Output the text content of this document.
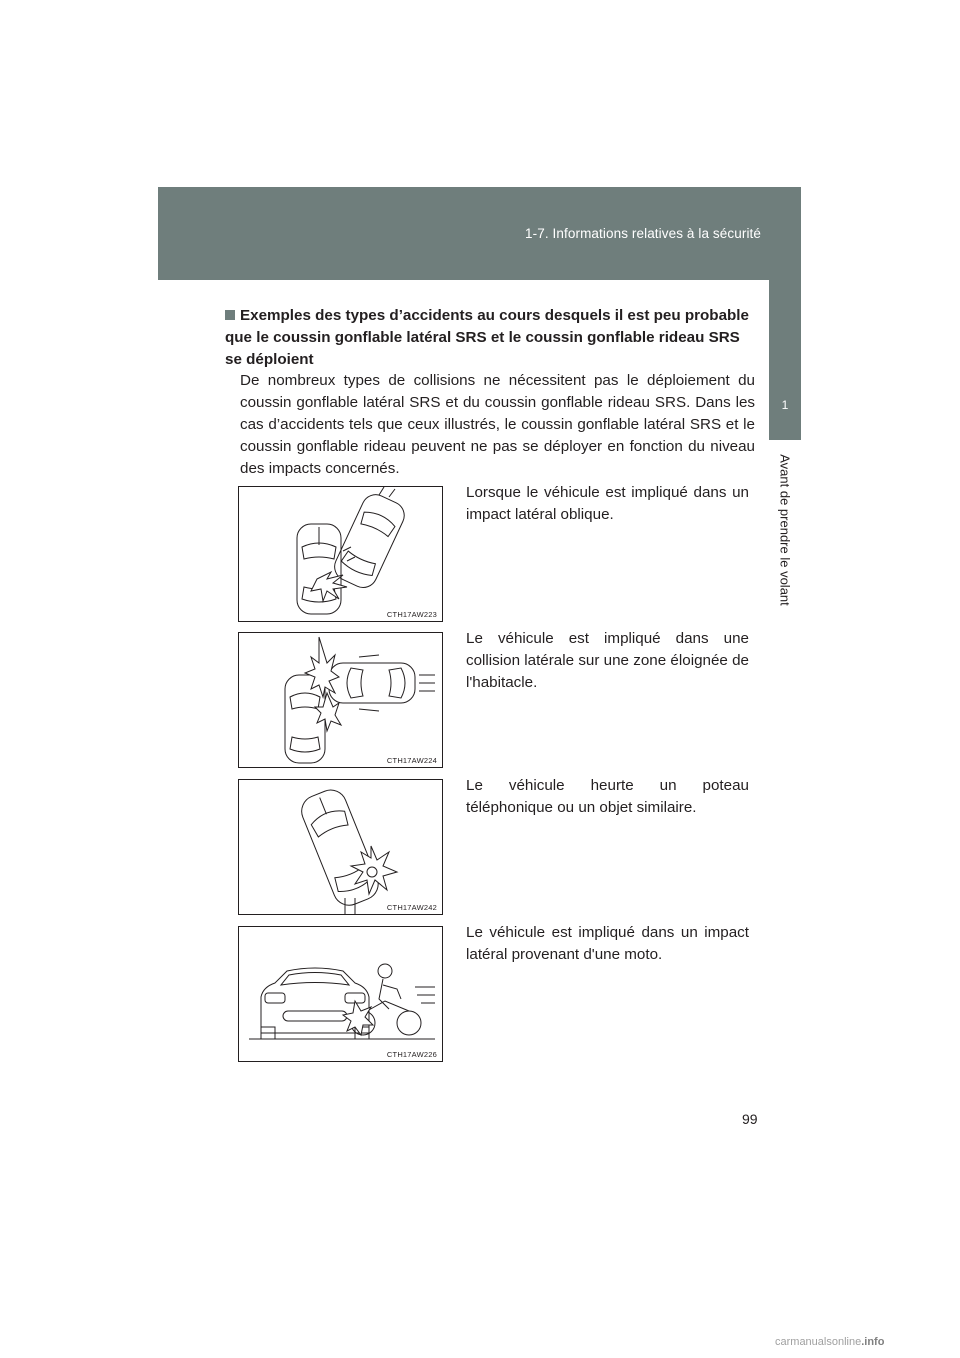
1-7. Informations relatives à la sécurité
1
Avant de prendre le volant
Exemples des types d’accidents au cours desquels il est peu probable que le coussin gonflable latéral SRS et le coussin gonflable rideau SRS se déploient
De nombreux types de collisions ne nécessitent pas le déploiement du coussin gonflable latéral SRS et du coussin gonflable rideau SRS. Dans les cas d’accidents tels que ceux illustrés, le coussin gonflable latéral SRS et le coussin gonflable rideau peuvent ne pas se déployer en fonction du niveau des impacts concernés.
CTH17AW223
Lorsque le véhicule est impliqué dans un impact latéral oblique.
CTH17AW224
Le véhicule est impliqué dans une collision latérale sur une zone éloignée de l'habitacle.
CTH17AW242
Le véhicule heurte un poteau téléphonique ou un objet similaire.
CTH17AW226
Le véhicule est impliqué dans un impact latéral provenant d'une moto.
99
carmanualsonline.info
